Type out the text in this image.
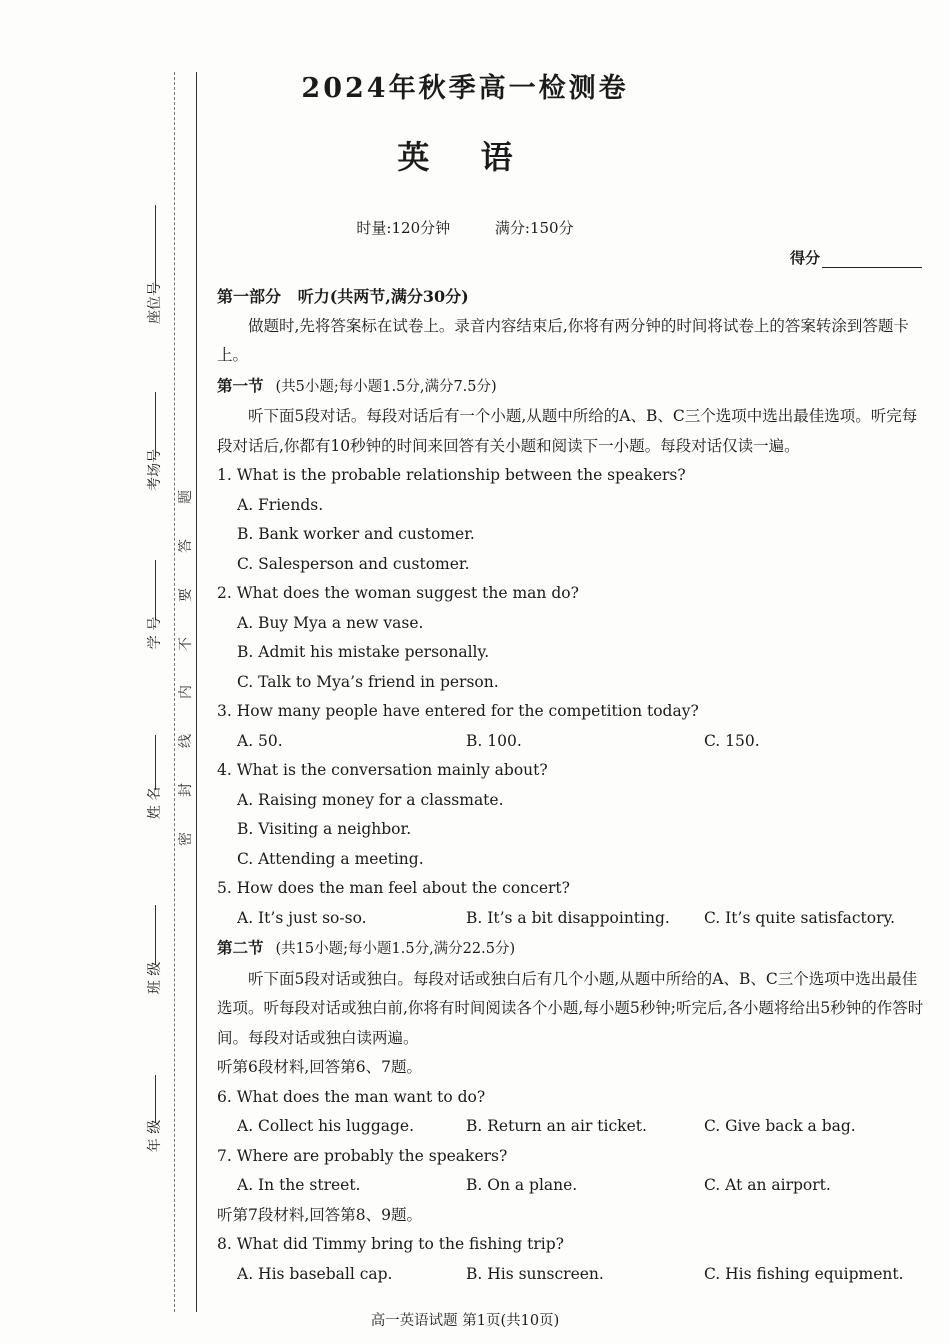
座位号
考场号
学 号
姓 名
班 级
年 级
题
答
要
不
内
线
封
密
2024年秋季高一检测卷
英 语
时量:120分钟	满分:150分
得分

第一部分 听力(共两节,满分30分)

做题时,先将答案标在试卷上。录音内容结束后,你将有两分钟的时间将试卷上的答案转涂到答题卡上。

第一节 (共5小题;每小题1.5分,满分7.5分)

听下面5段对话。每段对话后有一个小题,从题中所给的A、B、C三个选项中选出最佳选项。听完每段对话后,你都有10秒钟的时间来回答有关小题和阅读下一小题。每段对话仅读一遍。

1. What is the probable relationship between the speakers?

A. Friends.

B. Bank worker and customer.

C. Salesperson and customer.

2. What does the woman suggest the man do?

A. Buy Mya a new vase.

B. Admit his mistake personally.

C. Talk to Mya’s friend in person.

3. How many people have entered for the competition today?

A. 50.	B. 100.	C. 150.

4. What is the conversation mainly about?

A. Raising money for a classmate.

B. Visiting a neighbor.

C. Attending a meeting.

5. How does the man feel about the concert?

A. It’s just so-so.	B. It’s a bit disappointing.	C. It’s quite satisfactory.

第二节 (共15小题;每小题1.5分,满分22.5分)

听下面5段对话或独白。每段对话或独白后有几个小题,从题中所给的A、B、C三个选项中选出最佳选项。听每段对话或独白前,你将有时间阅读各个小题,每小题5秒钟;听完后,各小题将给出5秒钟的作答时间。每段对话或独白读两遍。

听第6段材料,回答第6、7题。

6. What does the man want to do?

A. Collect his luggage.	B. Return an air ticket.	C. Give back a bag.

7. Where are probably the speakers?

A. In the street.	B. On a plane.	C. At an airport.

听第7段材料,回答第8、9题。

8. What did Timmy bring to the fishing trip?

A. His baseball cap.	B. His sunscreen.	C. His fishing equipment.
高一英语试题 第1页(共10页)
